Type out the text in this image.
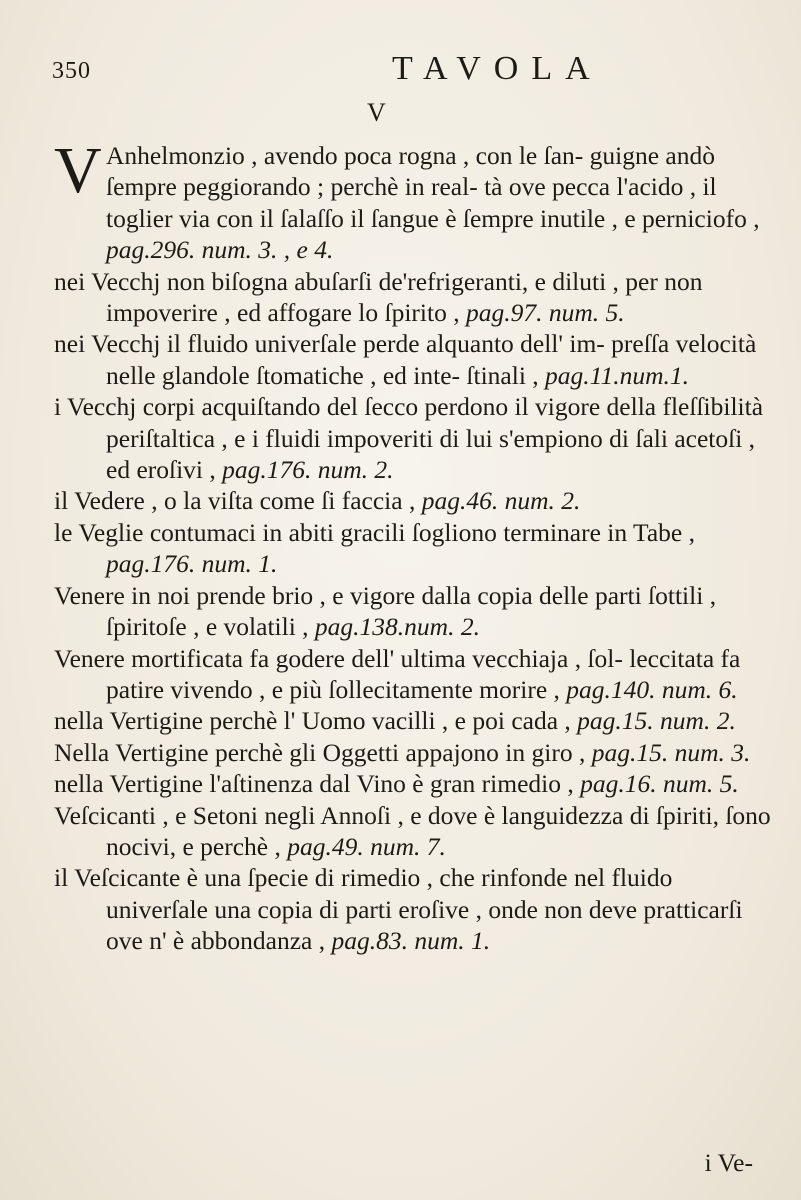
350	TAVOLA
V

V Anhelmonzio , avendo poca rogna , con le ſan- guigne andò ſempre peggiorando ; perchè in real- tà ove pecca l'acido , il toglier via con il ſalaſſo il ſangue è ſempre inutile , e perniciofo , pag.296. num. 3. , e 4.

nei Vecchj non biſogna abuſarſi de'refrigeranti, e diluti , per non impoverire , ed affogare lo ſpirito , pag.97. num. 5.

nei Vecchj il fluido univerſale perde alquanto dell' im- preſſa velocità nelle glandole ſtomatiche , ed inte- ſtinali , pag.11.num.1.

i Vecchj corpi acquiſtando del ſecco perdono il vigore della fleſſibilità periſtaltica , e i fluidi impoveriti di lui s'empiono di ſali acetoſi , ed eroſivi , pag.176. num. 2.

il Vedere , o la viſta come ſi faccia , pag.46. num. 2.

le Veglie contumaci in abiti gracili ſogliono terminare in Tabe , pag.176. num. 1.

Venere in noi prende brio , e vigore dalla copia delle parti ſottili , ſpiritoſe , e volatili , pag.138.num. 2.

Venere mortificata fa godere dell' ultima vecchiaja , ſol- leccitata fa patire vivendo , e più ſollecitamente morire , pag.140. num. 6.

nella Vertigine perchè l' Uomo vacilli , e poi cada , pag.15. num. 2.

Nella Vertigine perchè gli Oggetti appajono in giro , pag.15. num. 3.

nella Vertigine l'aſtinenza dal Vino è gran rimedio , pag.16. num. 5.

Veſcicanti , e Setoni negli Annoſi , e dove è languidezza di ſpiriti, ſono nocivi, e perchè , pag.49. num. 7.

il Veſcicante è una ſpecie di rimedio , che rinfonde nel fluido univerſale una copia di parti eroſive , onde non deve pratticarſi ove n' è abbondanza , pag.83. num. 1.

i Ve-
